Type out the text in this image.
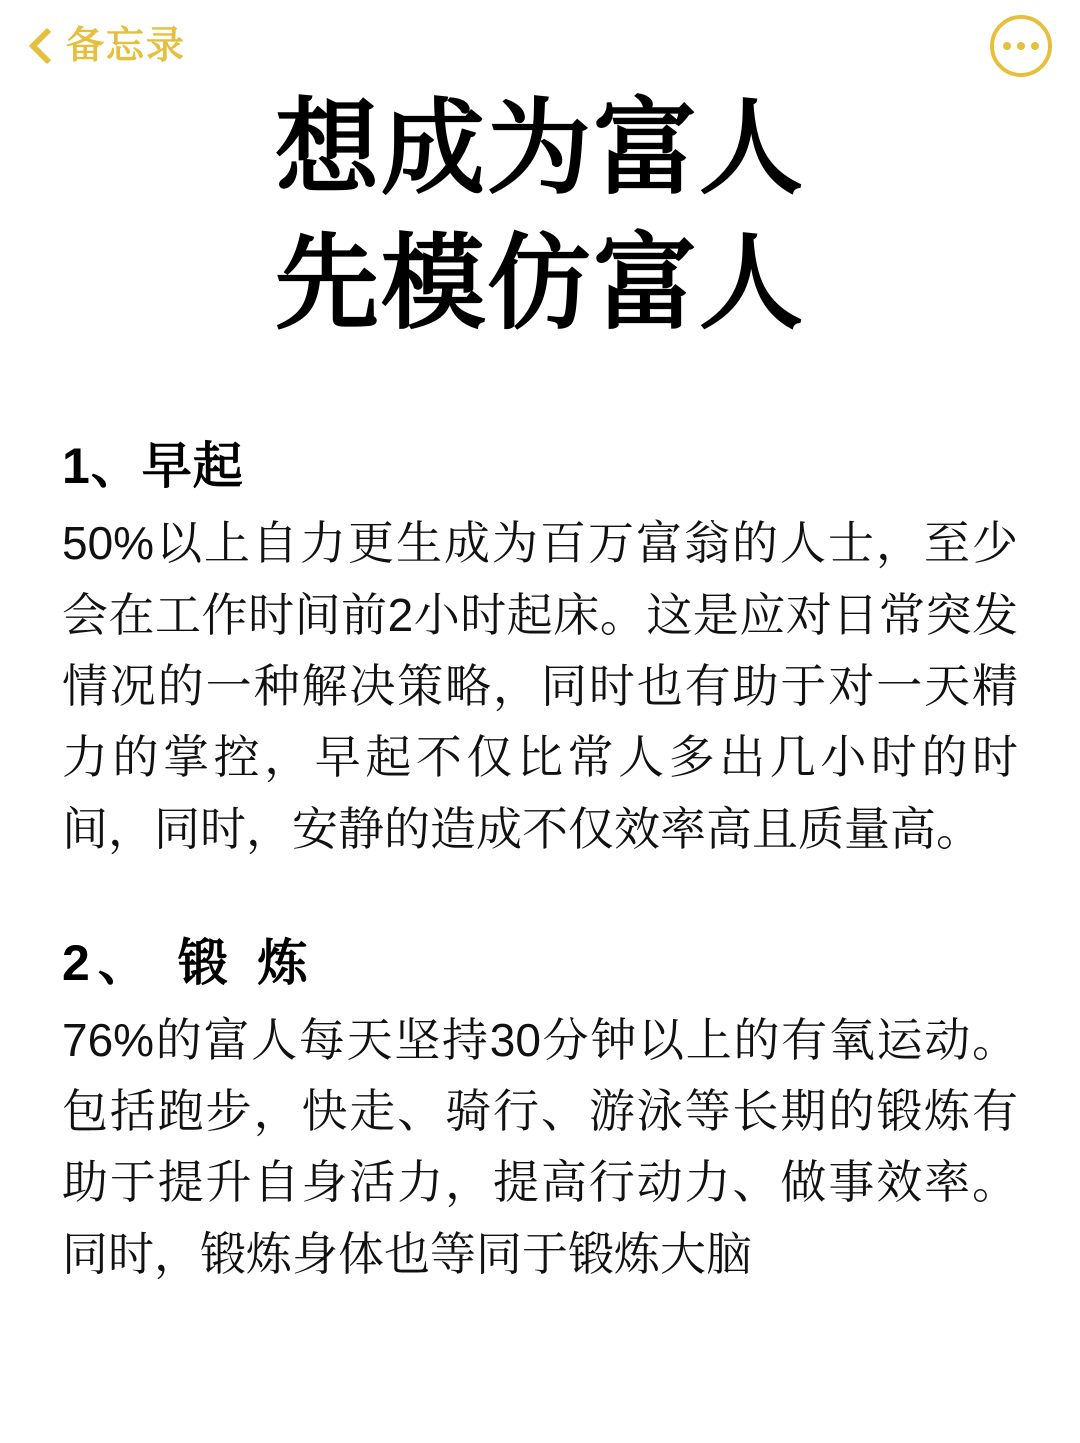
备忘录
想成为富人
先模仿富人
1、早起

50%以上自力更生成为百万富翁的人士，至少会在工作时间前2小时起床。这是应对日常突发情况的一种解决策略，同时也有助于对一天精力的掌控，早起不仅比常人多出几小时的时间，同时，安静的造成不仅效率高且质量高。

2、 锻 炼

76%的富人每天坚持30分钟以上的有氧运动。包括跑步，快走、骑行、游泳等长期的锻炼有助于提升自身活力，提高行动力、做事效率。同时，锻炼身体也等同于锻炼大脑
